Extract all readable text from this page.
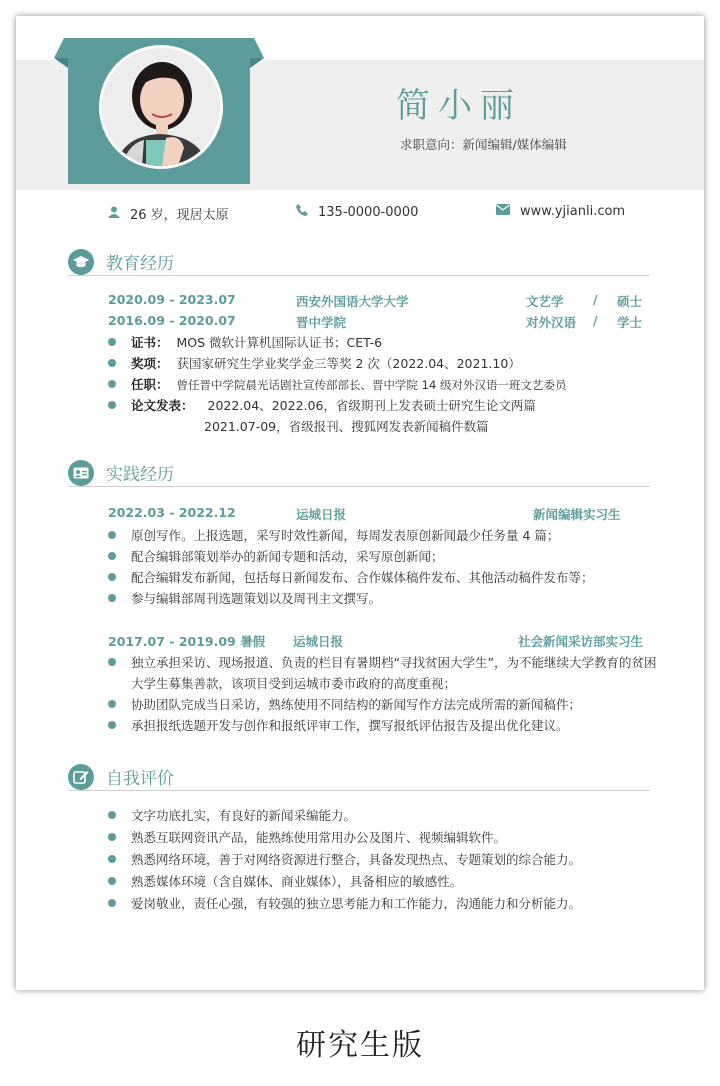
简小丽
求职意向：新闻编辑/媒体编辑
26 岁，现居太原	135-0000-0000	www.yjianli.com
教育经历
2020.09 - 2023.07	西安外国语大学大学	文艺学 / 硕士
2016.09 - 2020.07	晋中学院	对外汉语 / 学士
证书： MOS 微软计算机国际认证书；CET-6
奖项： 获国家研究生学业奖学金三等奖 2 次（2022.04、2021.10）
任职： 曾任晋中学院晨光话剧社宣传部部长、晋中学院 14 级对外汉语一班文艺委员
论文发表： 2022.04、2022.06，省级期刊上发表硕士研究生论文两篇
2021.07-09，省级报刊、搜狐网发表新闻稿件数篇
实践经历
2022.03 - 2022.12	运城日报	新闻编辑实习生
原创写作。上报选题，采写时效性新闻，每周发表原创新闻最少任务量 4 篇；
配合编辑部策划举办的新闻专题和活动，采写原创新闻；
配合编辑发布新闻，包括每日新闻发布、合作媒体稿件发布、其他活动稿件发布等；
参与编辑部周刊选题策划以及周刊主文撰写。
2017.07 - 2019.09 暑假 运城日报	社会新闻采访部实习生
独立承担采访、现场报道、负责的栏目有暑期档“寻找贫困大学生”，为不能继续大学教育的贫困
大学生募集善款，该项目受到运城市委市政府的高度重视；
协助团队完成当日采访，熟练使用不同结构的新闻写作方法完成所需的新闻稿件；
承担报纸选题开发与创作和报纸评审工作，撰写报纸评估报告及提出优化建议。
自我评价
文字功底扎实，有良好的新闻采编能力。
熟悉互联网资讯产品，能熟练使用常用办公及图片、视频编辑软件。
熟悉网络环境，善于对网络资源进行整合，具备发现热点、专题策划的综合能力。
熟悉媒体环境（含自媒体、商业媒体），具备相应的敏感性。
爱岗敬业，责任心强，有较强的独立思考能力和工作能力，沟通能力和分析能力。
研究生版
